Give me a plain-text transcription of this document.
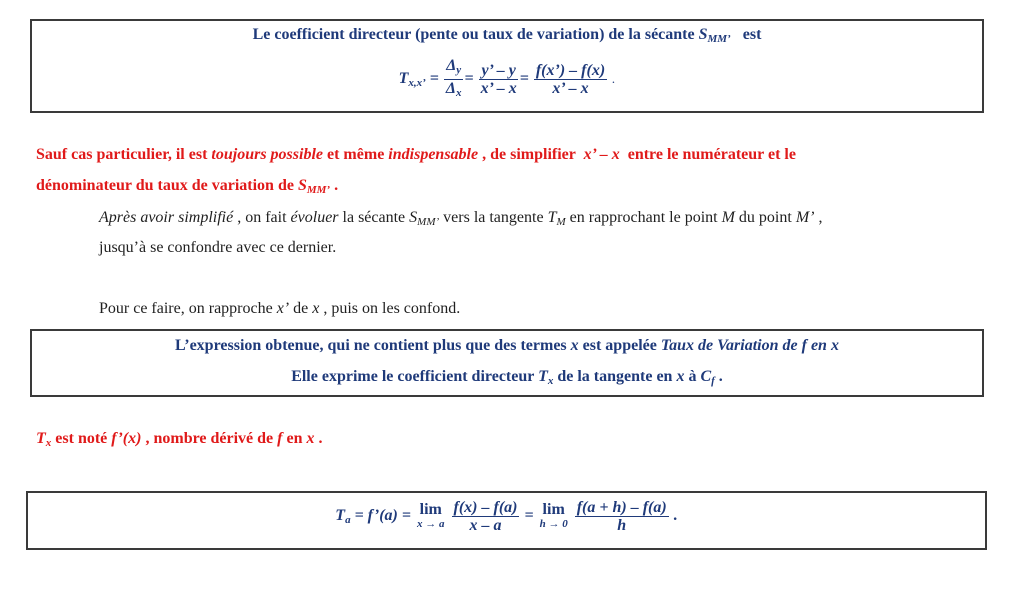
Le coefficient directeur (pente ou taux de variation) de la sécante $S_{MM’}$ est
$T_{x,x’} = \frac{\Delta_y}{\Delta_x} = \frac{y’ - y}{x’ - x} = \frac{f(x’) - f(x)}{x’ - x}$ .
Sauf cas particulier, il est toujours possible et même indispensable , de simplifier  x’ – x  entre le numérateur et le
dénominateur du taux de variation de $S_{MM’}$ .
Après avoir simplifié , on fait évoluer la sécante $S_{MM’}$ vers la tangente $T_M$ en rapprochant le point M du point M’ ,
jusqu’à se confondre avec ce dernier.
Pour ce faire, on rapproche x’ de x , puis on les confond.
L’expression obtenue, qui ne contient plus que des termes x est appelée Taux de Variation de f en x
Elle exprime le coefficient directeur $T_x$ de la tangente en x à $C_f$ .
$T_x$ est noté f’(x) , nombre dérivé de f en x .
$T_a$ = f’(a) = lim
x → a
$\frac{f(x) - f(a)}{x - a} = \lim$
h → 0
$\frac{f(a + h) - f(a)}{h}$ .
